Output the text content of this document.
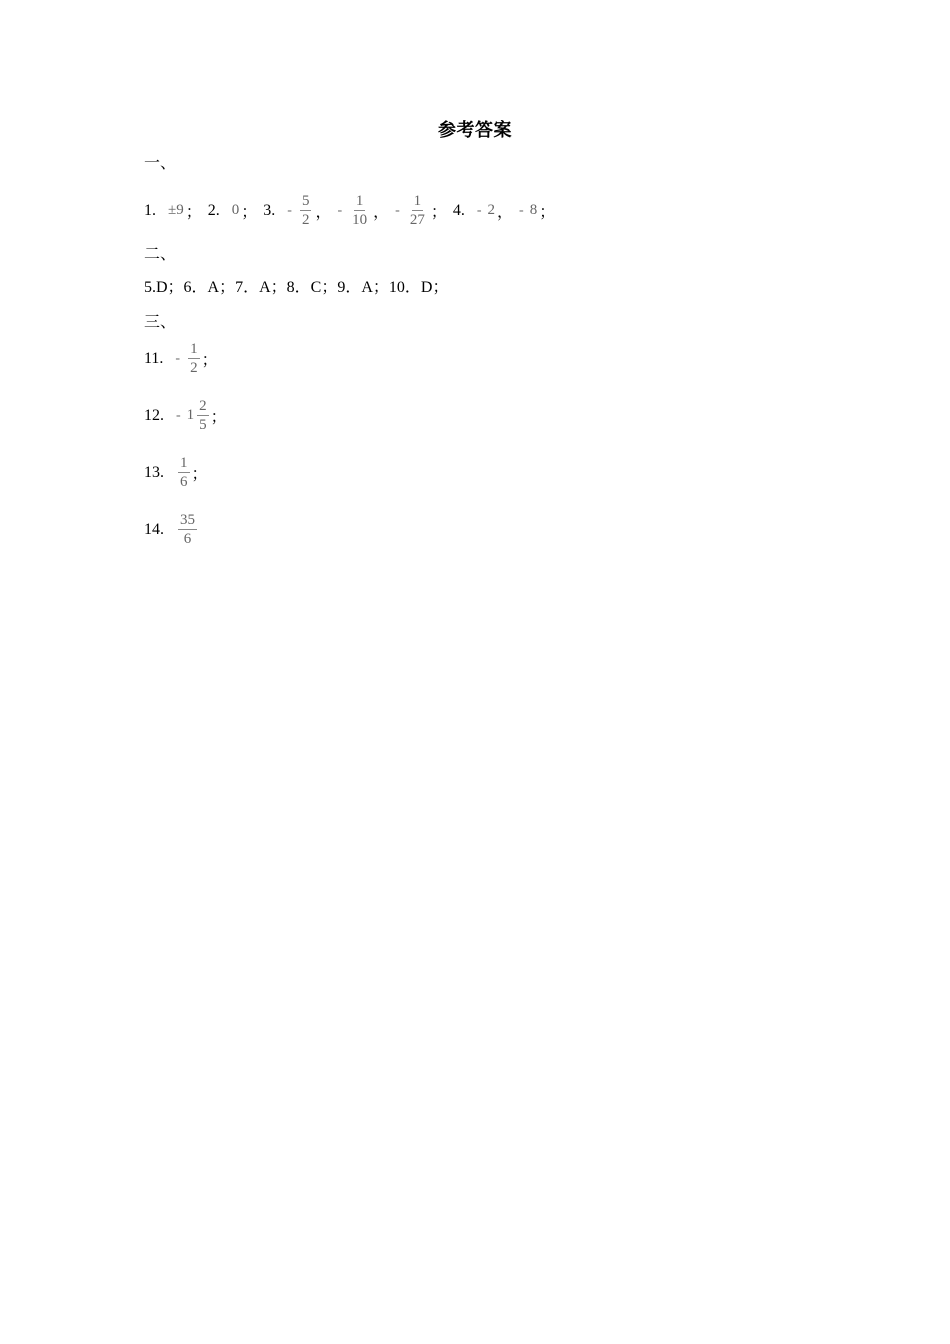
参考答案
一、
1. ±9 ； 2. 0 ； 3. - $\frac{5}{2}$ ， - $\frac{1}{10}$ ， - $\frac{1}{27}$ ； 4. - 2 ， - 8 ；
二、
5.D；6．A；7．A；8．C；9．A；10．D；
三、
11. - $\frac{1}{2}$ ；
12. - $1 \frac{2}{5}$ ；
13. $\frac{1}{6}$ ；
14. $\frac{35}{6}$
